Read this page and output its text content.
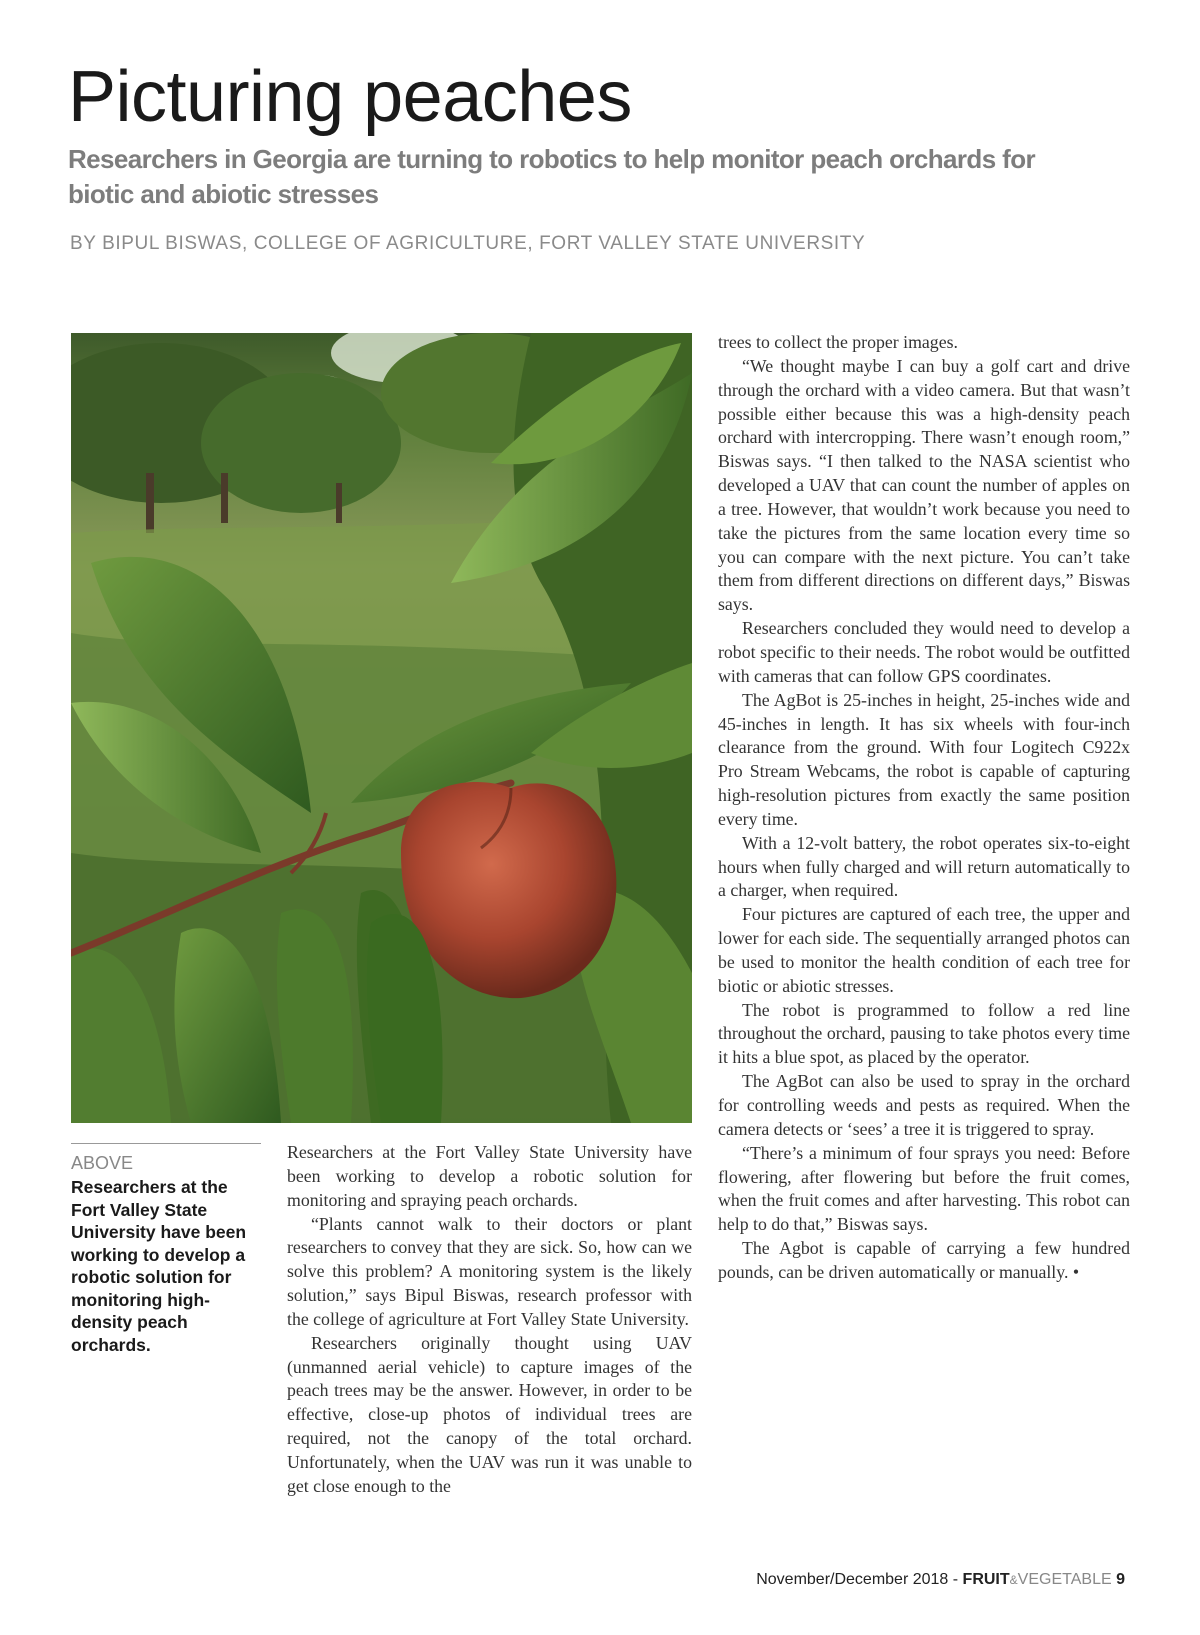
Picturing peaches
Researchers in Georgia are turning to robotics to help monitor peach orchards for biotic and abiotic stresses
BY BIPUL BISWAS, COLLEGE OF AGRICULTURE, FORT VALLEY STATE UNIVERSITY
ABOVE
Researchers at the Fort Valley State University have been working to develop a robotic solution for monitoring high-density peach orchards.

Researchers at the Fort Valley State University have been working to develop a robotic solution for monitoring and spraying peach orchards.

“Plants cannot walk to their doctors or plant researchers to convey that they are sick. So, how can we solve this problem? A monitoring system is the likely solution,” says Bipul Biswas, research professor with the college of agriculture at Fort Valley State University.

Researchers originally thought using UAV (unmanned aerial vehicle) to capture images of the peach trees may be the answer. However, in order to be effective, close-up photos of individual trees are required, not the canopy of the total orchard. Unfortunately, when the UAV was run it was unable to get close enough to the

trees to collect the proper images.

“We thought maybe I can buy a golf cart and drive through the orchard with a video camera. But that wasn’t possible either because this was a high-density peach orchard with intercropping. There wasn’t enough room,” Biswas says. “I then talked to the NASA scientist who developed a UAV that can count the number of apples on a tree. However, that wouldn’t work because you need to take the pictures from the same location every time so you can compare with the next picture. You can’t take them from different directions on different days,” Biswas says.

Researchers concluded they would need to develop a robot specific to their needs. The robot would be outfitted with cameras that can follow GPS coordinates.

The AgBot is 25-inches in height, 25-inches wide and 45-inches in length. It has six wheels with four-inch clearance from the ground. With four Logitech C922x Pro Stream Webcams, the robot is capable of capturing high-resolution pictures from exactly the same position every time.

With a 12-volt battery, the robot operates six-to-eight hours when fully charged and will return automatically to a charger, when required.

Four pictures are captured of each tree, the upper and lower for each side. The sequentially arranged photos can be used to monitor the health condition of each tree for biotic or abiotic stresses.

The robot is programmed to follow a red line throughout the orchard, pausing to take photos every time it hits a blue spot, as placed by the operator.

The AgBot can also be used to spray in the orchard for controlling weeds and pests as required. When the camera detects or ‘sees’ a tree it is triggered to spray.

“There’s a minimum of four sprays you need: Before flowering, after flowering but before the fruit comes, when the fruit comes and after harvesting. This robot can help to do that,” Biswas says.

The Agbot is capable of carrying a few hundred pounds, can be driven automatically or manually. •

November/December 2018 - FRUIT&VEGETABLE 9
